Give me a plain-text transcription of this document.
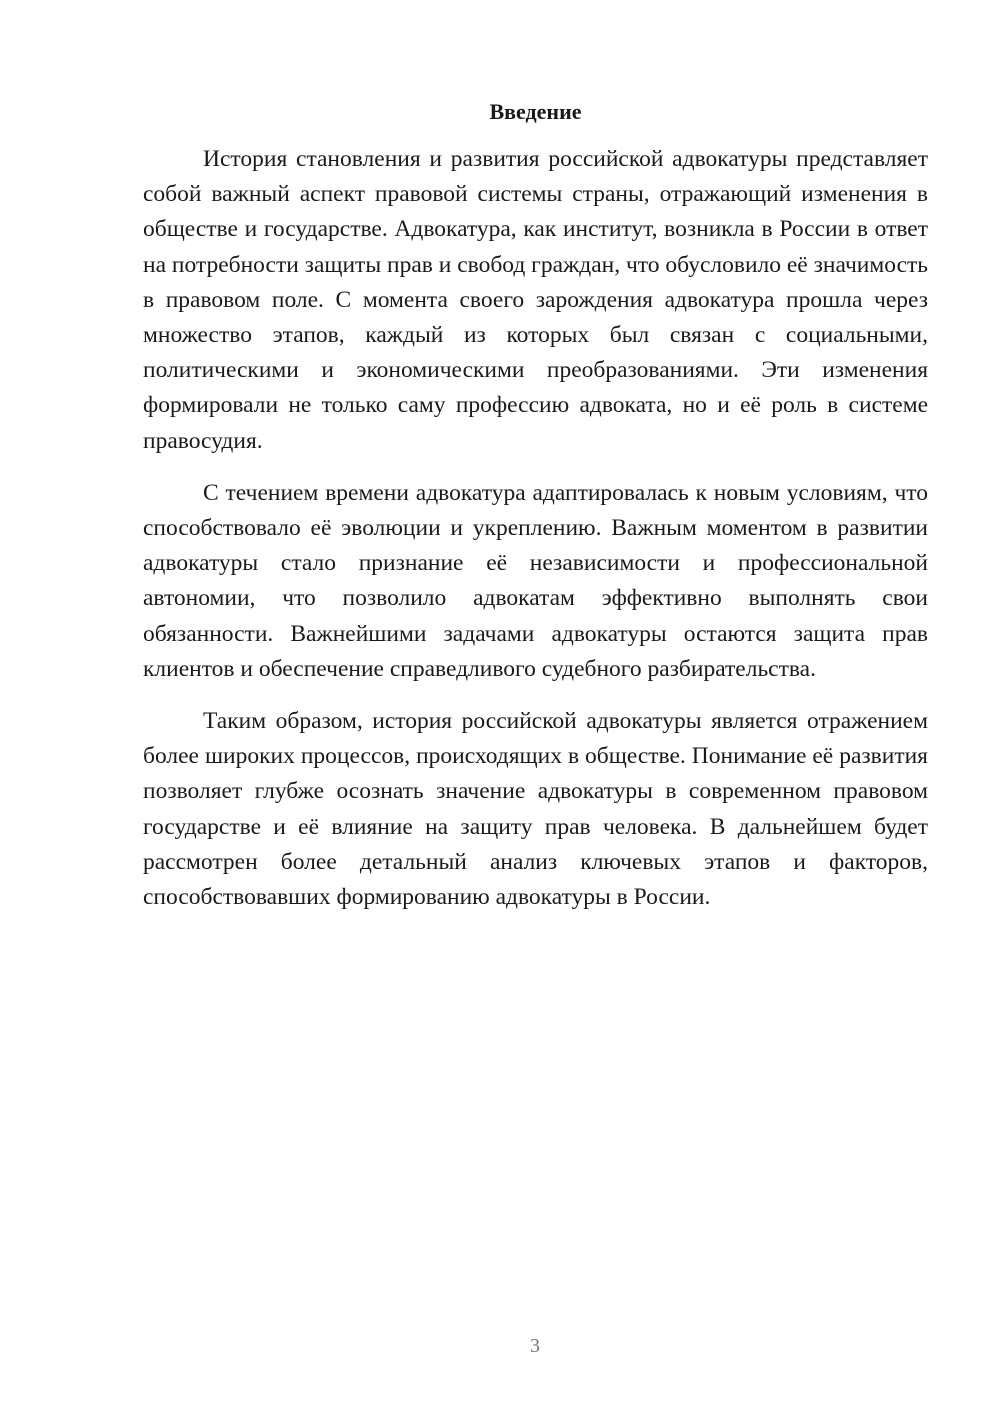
Введение

История становления и развития российской адвокатуры представляет собой важный аспект правовой системы страны, отражающий изменения в обществе и государстве. Адвокатура, как институт, возникла в России в ответ на потребности защиты прав и свобод граждан, что обусловило её значимость в правовом поле. С момента своего зарождения адвокатура прошла через множество этапов, каждый из которых был связан с социальными, политическими и экономическими преобразованиями. Эти изменения формировали не только саму профессию адвоката, но и её роль в системе правосудия.

С течением времени адвокатура адаптировалась к новым условиям, что способствовало её эволюции и укреплению. Важным моментом в развитии адвокатуры стало признание её независимости и профессиональной автономии, что позволило адвокатам эффективно выполнять свои обязанности. Важнейшими задачами адвокатуры остаются защита прав клиентов и обеспечение справедливого судебного разбирательства.

Таким образом, история российской адвокатуры является отражением более широких процессов, происходящих в обществе. Понимание её развития позволяет глубже осознать значение адвокатуры в современном правовом государстве и её влияние на защиту прав человека. В дальнейшем будет рассмотрен более детальный анализ ключевых этапов и факторов, способствовавших формированию адвокатуры в России.

3
